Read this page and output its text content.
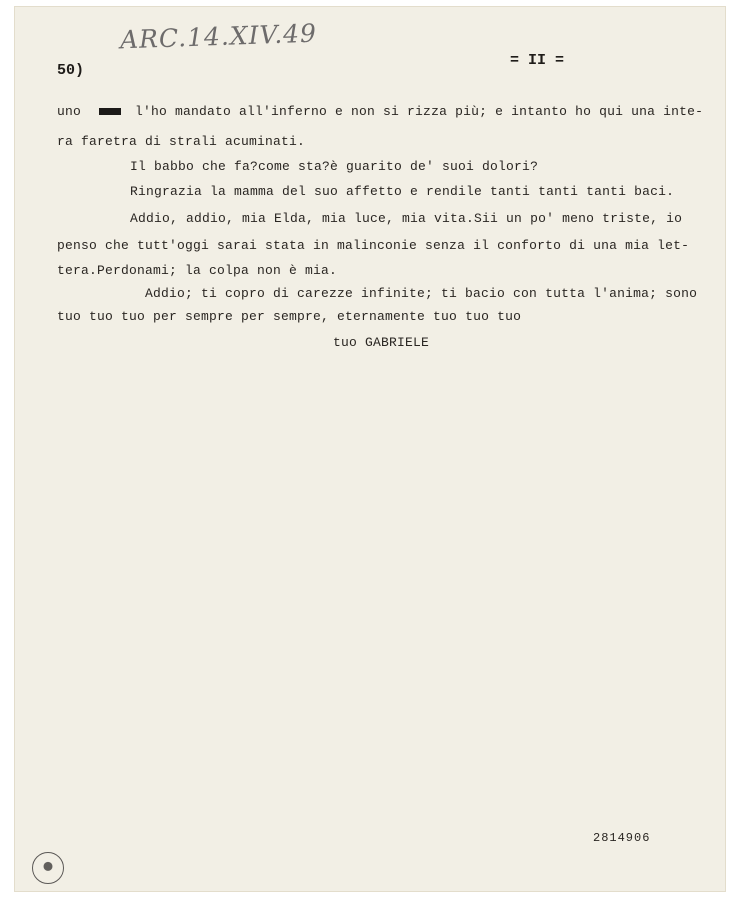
ARC.14.XIV.49
50)
= II =
uno	l'ho mandato all'inferno e non si rizza più; e intanto ho qui una inte-
ra faretra di strali acuminati.
Il babbo che fa?come sta?è guarito de' suoi dolori?
Ringrazia la mamma del suo affetto e rendile tanti tanti tanti baci.
Addio, addio, mia Elda, mia luce, mia vita.Sii un po' meno triste, io
penso che tutt'oggi sarai stata in malinconie senza il conforto di una mia let-
tera.Perdonami; la colpa non è mia.
Addio; ti copro di carezze infinite; ti bacio con tutta l'anima; sono
tuo tuo tuo per sempre per sempre, eternamente tuo tuo tuo
tuo GABRIELE
2814906
